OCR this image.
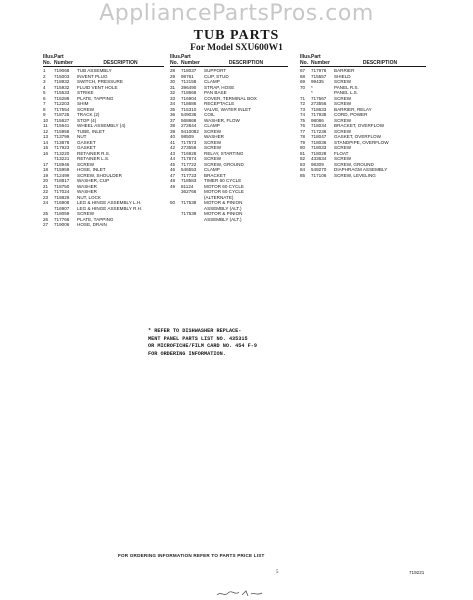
AppliancePartsPros.com
TUB PARTS
For Model SXU600W1
Illus. Part
No. Number	DESCRIPTION
1	719068	TUB ASSEMBLY
2	715003	INVENT PLUG
3	718932	SWITCH, PRESSURE
4	715932	FLUID VENT HOLE
5	715533	STRIKE
6	716289	PLATE, TAPPING
7	712203	SHIM
8	717554	SCREW
9	718725	TRACK (2)
10	715627	STOP (4)
11	715641	WHEEL ASSEMBLY (4)
12	715958	TUBE, INLET
13	713799	NUT
14	713878	GASKET
15	717923	GASKET
16	713220	RETAINER R.S.
713221	RETAINER L.S.
17	718946	SCREW
18	715959	HOSE, INLET
19	712499	SCREW, SHOULDER
20	718817	WASHER, CUP
21	718750	WASHER
22	717024	WASHER
23	718829	NUT, LOCK
24	716908	LEG & HINGE ASSEMBLY L.H.
716907	LEG & HINGE ASSEMBLY R.H.
25	718059	SCREW
26	717766	PLATE, TAPPING
27	719006	HOSE, DRAIN
Illus. Part
No. Number	DESCRIPTION
28	718037	SUPPORT
29	98761	CLIP, STUD
30	712158	CLAMP
31	396490	STRAP, HOSE
32	718668	PAN BASE
33	716904	COVER, TERMINAL BOX
34	718686	RECEPTACLE
35	715310	VALVE, WATER INLET
36	549036	COIL
37	568868	WASHER, FLOW
38	272844	CLAMP
39	9410082	SCREW
40	98509	WASHER
41	717573	SCREW
42	273556	SCREW
43	716928	RELAY, STARTING
44	717874	SCREW
45	717722	SCREW, GROUND
46	546553	CLAMP
47	717723	BRACKET
48	718583	TIMER 60 CYCLE
49	81124	MOTOR 60 CYCLE
362766	MOTOR 60 CYCLE
(ALTERNATE)
50	717538	MOTOR & PINION
ASSEMBLY (ALT.)
717539	MOTOR & PINION
ASSEMBLY (ALT.)
Illus. Part
No. Number	DESCRIPTION
67	717976	BARRIER
68	715557	SHIELD
69	99435	SCREW
70	*	PANEL R.S.
*	PANEL L.S.
71	717567	SCREW
72	273556	SCREW
73	718633	BARRIER, RELAY
74	717938	CORD, POWER
75	98086	SCREW
76	718034	BRACKET, OVERFLOW
77	717236	SCREW
78	718047	GASKET, OVERFLOW
79	718036	STANDPIPE, OVERFLOW
80	718033	SCREW
81	718028	FLOAT
82	433634	SCREW
83	98309	SCREW, GROUND
84	549270	DIAPHRAGM ASSEMBLY
85	717106	SCREW, LEVELING
* REFER TO DISHWASHER REPLACE-
MENT PANEL PARTS LIST NO. 435315
OR MICROFICHE/FILM CARD NO. 454 F-9
FOR ORDERING INFORMATION.
FOR ORDERING INFORMATION REFER TO PARTS PRICE LIST
5	719221
